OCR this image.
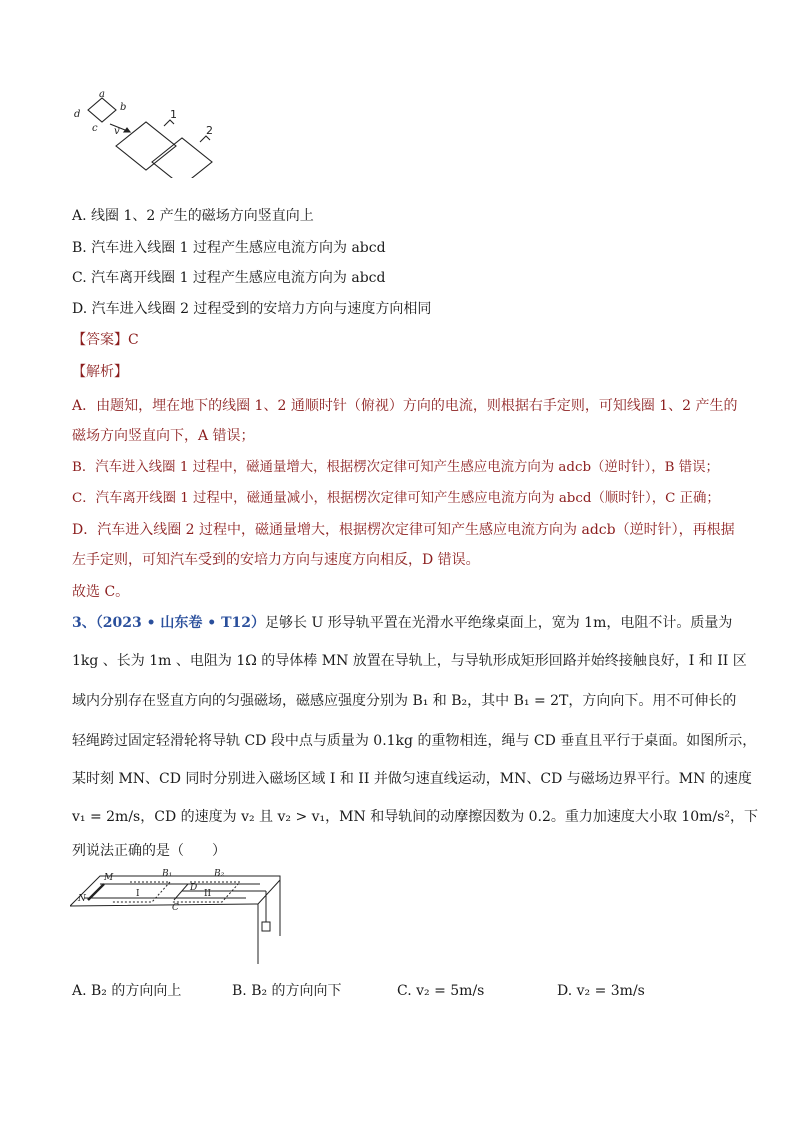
a
b
c
d
v
1
2
A. 线圈 1、2 产生的磁场方向竖直向上
B. 汽车进入线圈 1 过程产生感应电流方向为 abcd
C. 汽车离开线圈 1 过程产生感应电流方向为 abcd
D. 汽车进入线圈 2 过程受到的安培力方向与速度方向相同
【答案】C
【解析】
A．由题知，埋在地下的线圈 1、2 通顺时针（俯视）方向的电流，则根据右手定则，可知线圈 1、2 产生的
磁场方向竖直向下，A 错误；
B．汽车进入线圈 1 过程中，磁通量增大，根据楞次定律可知产生感应电流方向为 adcb（逆时针），B 错误；
C．汽车离开线圈 1 过程中，磁通量减小，根据楞次定律可知产生感应电流方向为 abcd（顺时针），C 正确；
D．汽车进入线圈 2 过程中，磁通量增大，根据楞次定律可知产生感应电流方向为 adcb（逆时针），再根据
左手定则，可知汽车受到的安培力方向与速度方向相反，D 错误。
故选 C。
3、（2023 • 山东卷 • T12）足够长 U 形导轨平置在光滑水平绝缘桌面上，宽为 1m，电阻不计。质量为
1kg 、长为 1m 、电阻为 1Ω 的导体棒 MN 放置在导轨上，与导轨形成矩形回路并始终接触良好，I 和 II 区
域内分别存在竖直方向的匀强磁场，磁感应强度分别为 B₁ 和 B₂，其中 B₁ = 2T，方向向下。用不可伸长的
轻绳跨过固定轻滑轮将导轨 CD 段中点与质量为 0.1kg 的重物相连，绳与 CD 垂直且平行于桌面。如图所示，
某时刻 MN、CD 同时分别进入磁场区域 I 和 II 并做匀速直线运动，MN、CD 与磁场边界平行。MN 的速度
v₁ = 2m/s，CD 的速度为 v₂ 且 v₂ > v₁，MN 和导轨间的动摩擦因数为 0.2。重力加速度大小取 10m/s²，下
列说法正确的是（　　）
M
N
B₁	B₂
D
C
I	II
A. B₂ 的方向向上	B. B₂ 的方向向下	C. v₂ = 5m/s	D. v₂ = 3m/s
